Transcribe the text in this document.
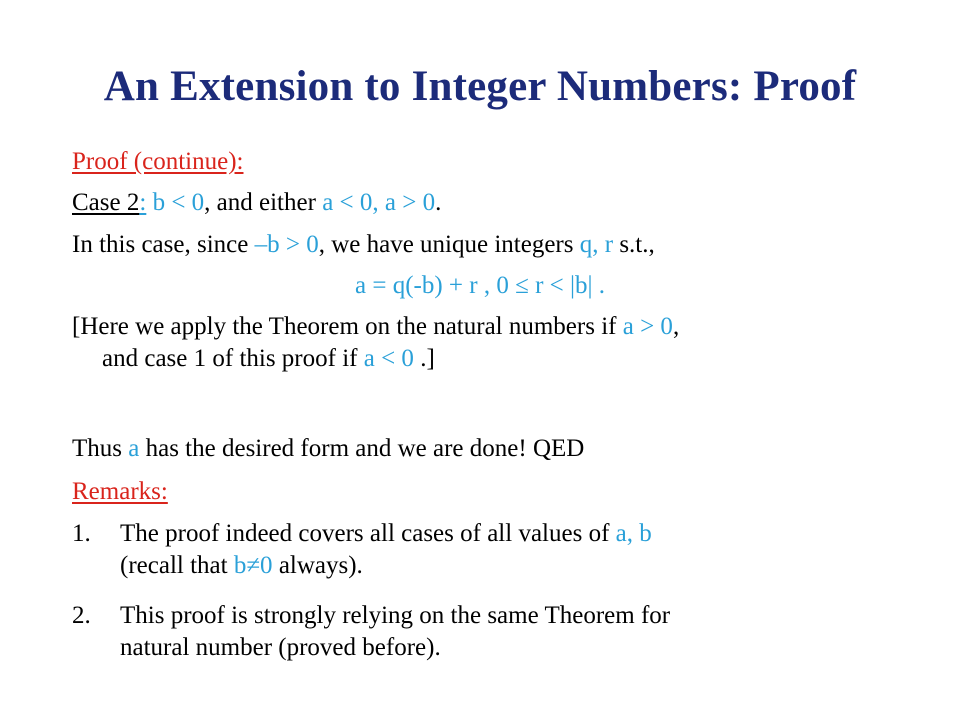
An Extension to Integer Numbers: Proof
Proof (continue):
Case 2: b < 0, and either a < 0, a > 0.
In this case, since –b > 0, we have unique integers q, r s.t.,
a = q(-b) + r , 0 ≤ r < |b| .
[Here we apply the Theorem on the natural numbers if a > 0,
and case 1 of this proof if a < 0 .]
Thus a has the desired form and we are done! QED
Remarks:
1. The proof indeed covers all cases of all values of a, b
(recall that b≠0 always).
2. This proof is strongly relying on the same Theorem for
natural number (proved before).
